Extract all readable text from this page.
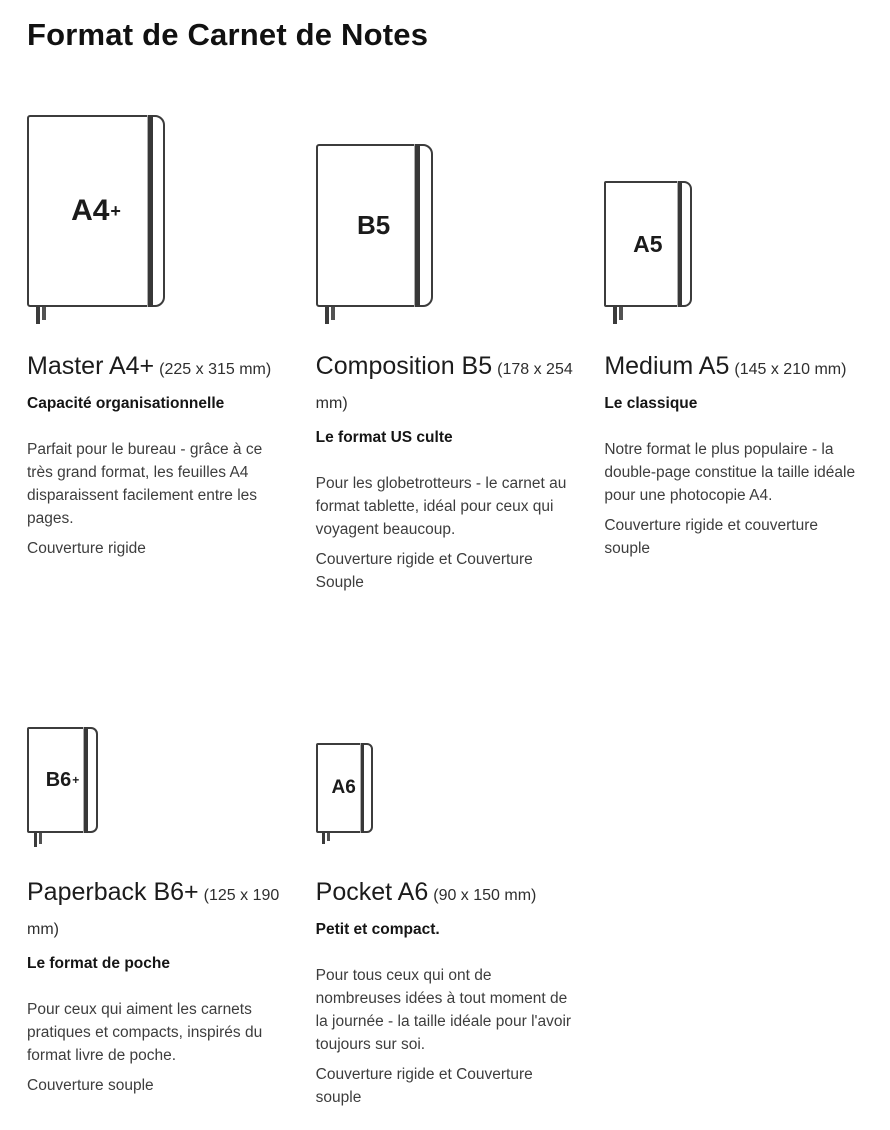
Format de Carnet de Notes
A4 +
Master A4+ (225 x 315 mm)
Capacité organisationnelle

Parfait pour le bureau - grâce à ce très grand format, les feuilles A4 disparaissent facilement entre les pages.

Couverture rigide

B5
Composition B5 (178 x 254 mm)
Le format US culte

Pour les globetrotteurs - le carnet au format tablette, idéal pour ceux qui voyagent beaucoup.

Couverture rigide et Couverture Souple

A5
Medium A5 (145 x 210 mm)
Le classique

Notre format le plus populaire - la double-page constitue la taille idéale pour une photocopie A4.

Couverture rigide et couverture souple

B6 +
Paperback B6+ (125 x 190 mm)
Le format de poche

Pour ceux qui aiment les carnets pratiques et compacts, inspirés du format livre de poche.

Couverture souple

A6
Pocket A6 (90 x 150 mm)
Petit et compact.

Pour tous ceux qui ont de nombreuses idées à tout moment de la journée - la taille idéale pour l'avoir toujours sur soi.

Couverture rigide et Couverture souple
